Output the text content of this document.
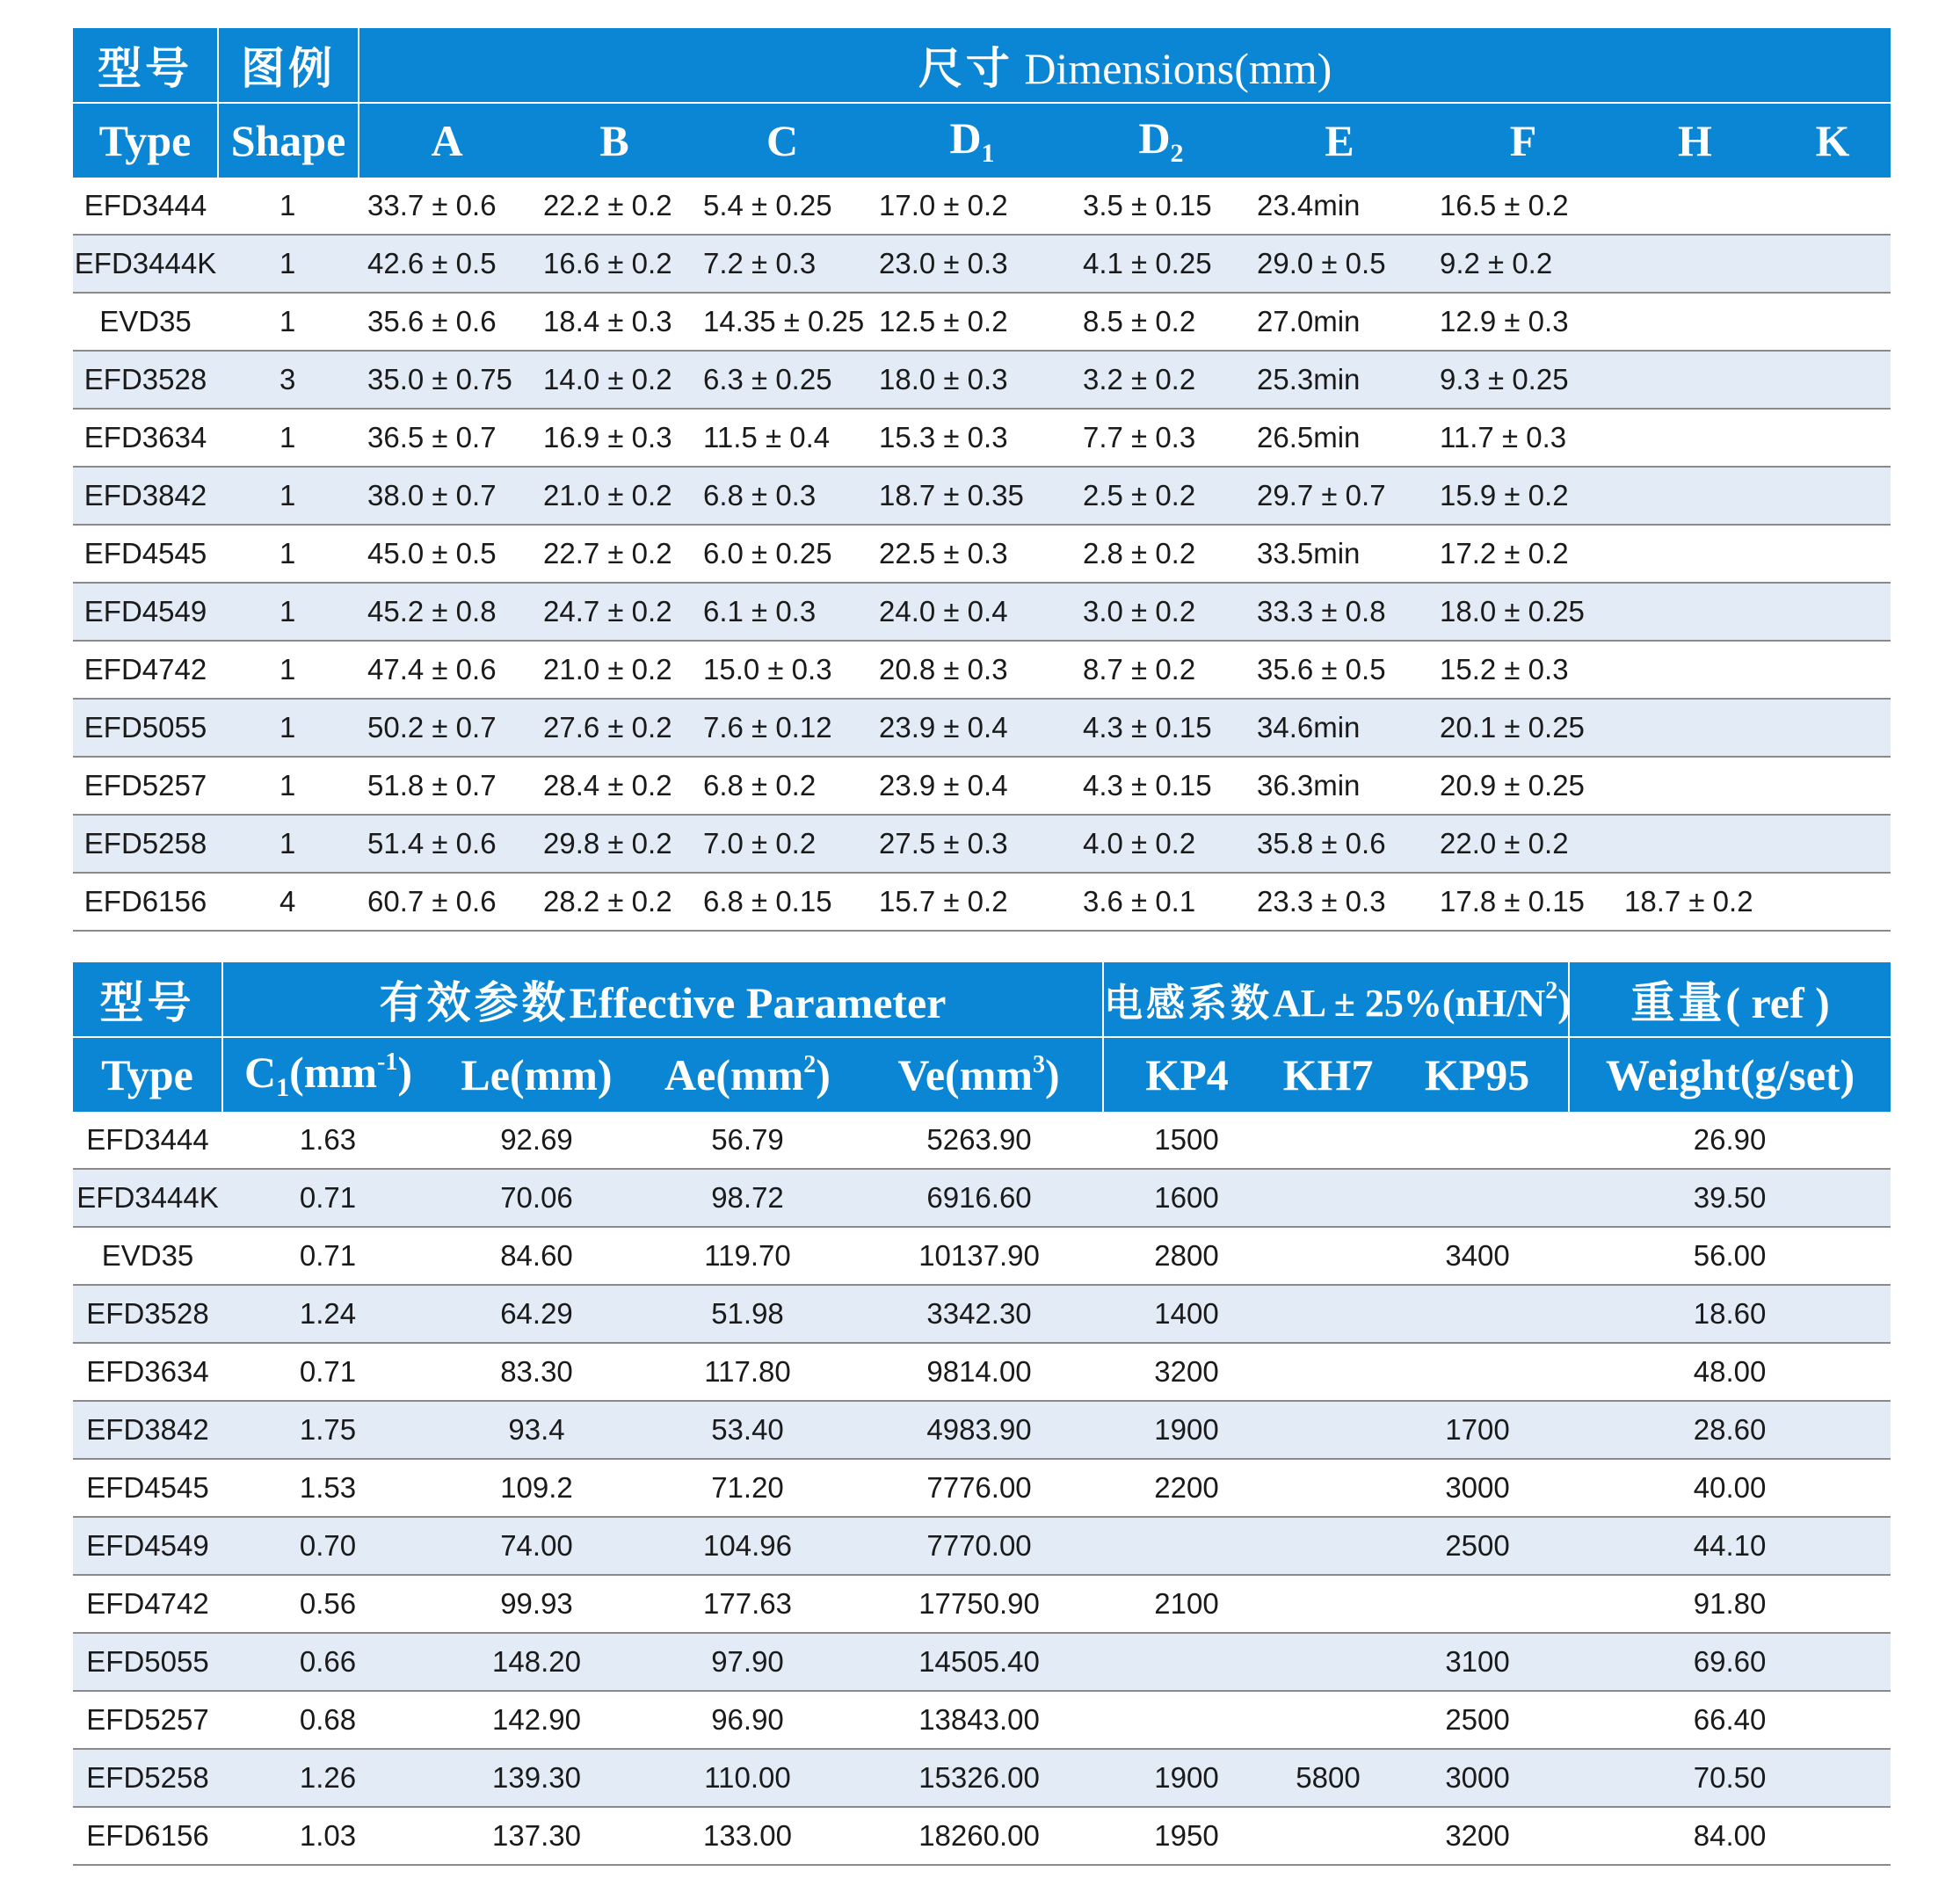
型号	图例	尺寸 Dimensions(mm)								
Type	Shape	A	B	C	$D_1$	$D_2$	E	F	H	K
EFD3444	1	33.7 ± 0.6	22.2 ± 0.2	5.4 ± 0.25	17.0 ± 0.2	3.5 ± 0.15	23.4min	16.5 ± 0.2		
EFD3444K	1	42.6 ± 0.5	16.6 ± 0.2	7.2 ± 0.3	23.0 ± 0.3	4.1 ± 0.25	29.0 ± 0.5	9.2 ± 0.2		
EVD35	1	35.6 ± 0.6	18.4 ± 0.3	14.35 ± 0.25	12.5 ± 0.2	8.5 ± 0.2	27.0min	12.9 ± 0.3		
EFD3528	3	35.0 ± 0.75	14.0 ± 0.2	6.3 ± 0.25	18.0 ± 0.3	3.2 ± 0.2	25.3min	9.3 ± 0.25		
EFD3634	1	36.5 ± 0.7	16.9 ± 0.3	11.5 ± 0.4	15.3 ± 0.3	7.7 ± 0.3	26.5min	11.7 ± 0.3		
EFD3842	1	38.0 ± 0.7	21.0 ± 0.2	6.8 ± 0.3	18.7 ± 0.35	2.5 ± 0.2	29.7 ± 0.7	15.9 ± 0.2		
EFD4545	1	45.0 ± 0.5	22.7 ± 0.2	6.0 ± 0.25	22.5 ± 0.3	2.8 ± 0.2	33.5min	17.2 ± 0.2		
EFD4549	1	45.2 ± 0.8	24.7 ± 0.2	6.1 ± 0.3	24.0 ± 0.4	3.0 ± 0.2	33.3 ± 0.8	18.0 ± 0.25		
EFD4742	1	47.4 ± 0.6	21.0 ± 0.2	15.0 ± 0.3	20.8 ± 0.3	8.7 ± 0.2	35.6 ± 0.5	15.2 ± 0.3		
EFD5055	1	50.2 ± 0.7	27.6 ± 0.2	7.6 ± 0.12	23.9 ± 0.4	4.3 ± 0.15	34.6min	20.1 ± 0.25		
EFD5257	1	51.8 ± 0.7	28.4 ± 0.2	6.8 ± 0.2	23.9 ± 0.4	4.3 ± 0.15	36.3min	20.9 ± 0.25		
EFD5258	1	51.4 ± 0.6	29.8 ± 0.2	7.0 ± 0.2	27.5 ± 0.3	4.0 ± 0.2	35.8 ± 0.6	22.0 ± 0.2		
EFD6156	4	60.7 ± 0.6	28.2 ± 0.2	6.8 ± 0.15	15.7 ± 0.2	3.6 ± 0.1	23.3 ± 0.3	17.8 ± 0.15	18.7 ± 0.2	
型号	有效参数Effective Parameter				电感系数AL ± $25\%(nH/N^2)$			重量( ref )
Type	$C_1(mm^{-1})$	Le(mm)	$Ae(mm^2)$	$Ve(mm^3)$	KP4	KH7	KP95	Weight(g/set)
EFD3444	1.63	92.69	56.79	5263.90	1500			26.90
EFD3444K	0.71	70.06	98.72	6916.60	1600			39.50
EVD35	0.71	84.60	119.70	10137.90	2800		3400	56.00
EFD3528	1.24	64.29	51.98	3342.30	1400			18.60
EFD3634	0.71	83.30	117.80	9814.00	3200			48.00
EFD3842	1.75	93.4	53.40	4983.90	1900		1700	28.60
EFD4545	1.53	109.2	71.20	7776.00	2200		3000	40.00
EFD4549	0.70	74.00	104.96	7770.00			2500	44.10
EFD4742	0.56	99.93	177.63	17750.90	2100			91.80
EFD5055	0.66	148.20	97.90	14505.40			3100	69.60
EFD5257	0.68	142.90	96.90	13843.00			2500	66.40
EFD5258	1.26	139.30	110.00	15326.00	1900	5800	3000	70.50
EFD6156	1.03	137.30	133.00	18260.00	1950		3200	84.00
